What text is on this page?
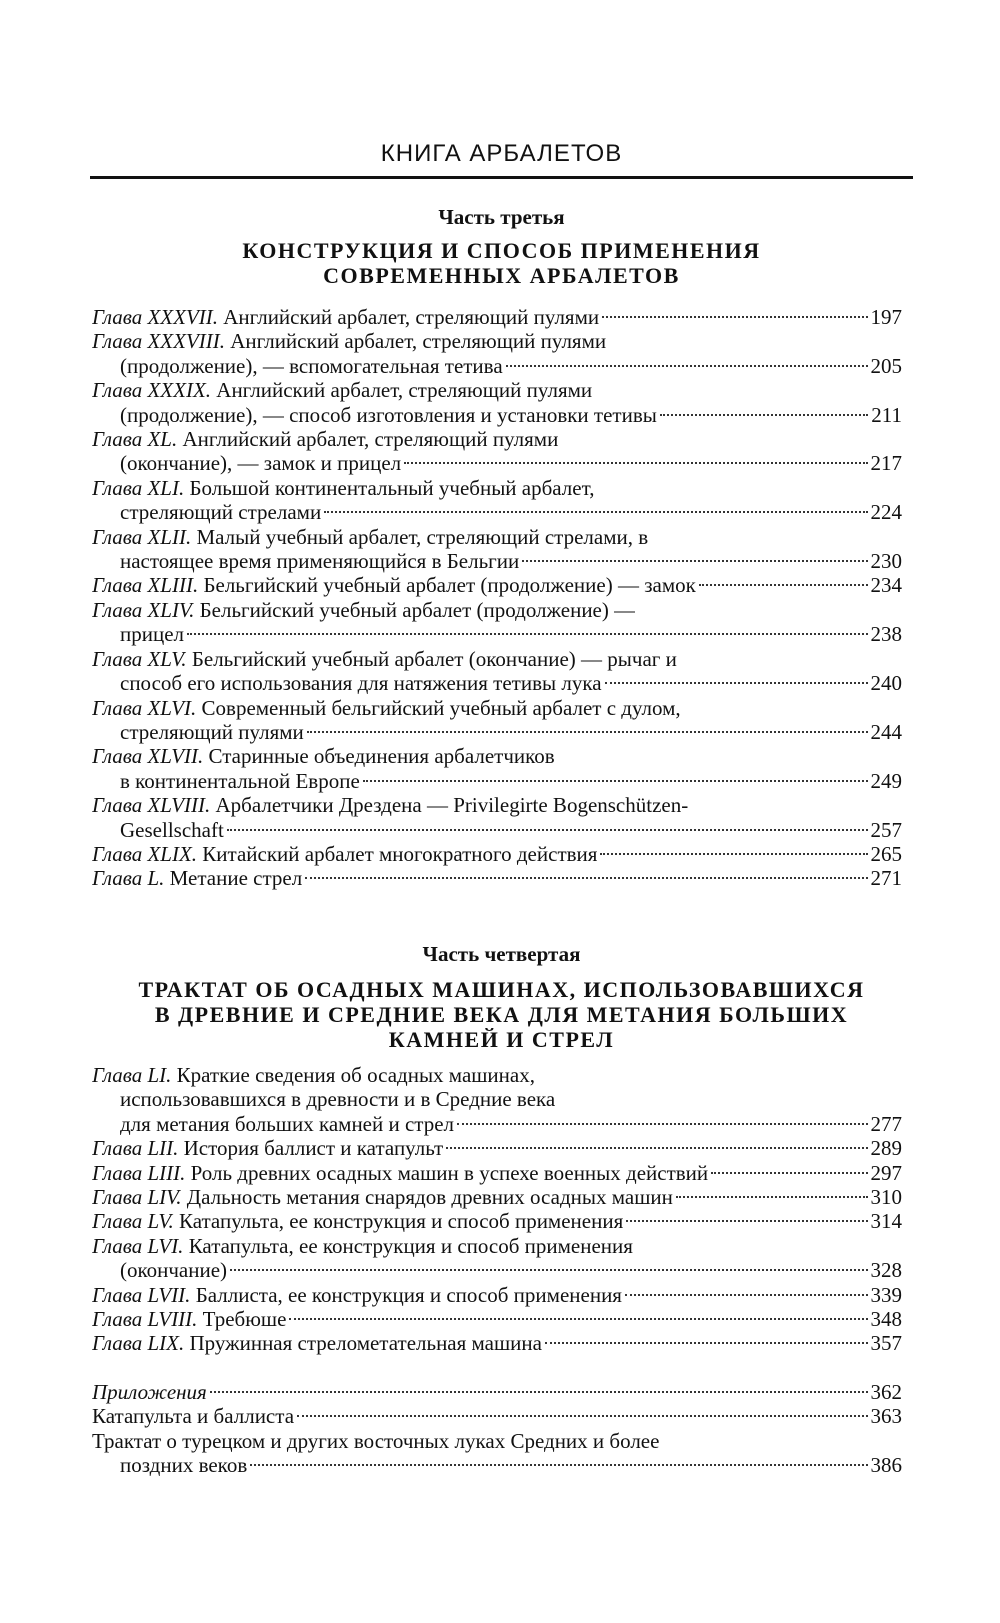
КНИГА АРБАЛЕТОВ
Часть третья
КОНСТРУКЦИЯ И СПОСОБ ПРИМЕНЕНИЯ
СОВРЕМЕННЫХ АРБАЛЕТОВ
Глава XXXVII. Английский арбалет, стреляющий пулями	197
Глава XXXVIII. Английский арбалет, стреляющий пулями
(продолжение), — вспомогательная тетива	205
Глава XXXIX. Английский арбалет, стреляющий пулями
(продолжение), — способ изготовления и установки тетивы	211
Глава XL. Английский арбалет, стреляющий пулями
(окончание), — замок и прицел	217
Глава XLI. Большой континентальный учебный арбалет,
стреляющий стрелами	224
Глава XLII. Малый учебный арбалет, стреляющий стрелами, в
настоящее время применяющийся в Бельгии	230
Глава XLIII. Бельгийский учебный арбалет (продолжение) — замок	234
Глава XLIV. Бельгийский учебный арбалет (продолжение) —
прицел	238
Глава XLV. Бельгийский учебный арбалет (окончание) — рычаг и
способ его использования для натяжения тетивы лука	240
Глава XLVI. Современный бельгийский учебный арбалет с дулом,
стреляющий пулями	244
Глава XLVII. Старинные объединения арбалетчиков
в континентальной Европе	249
Глава XLVIII. Арбалетчики Дрездена — Privilegirte Bogenschützen-
Gesellschaft	257
Глава XLIX. Китайский арбалет многократного действия	265
Глава L. Метание стрел	271
Часть четвертая
ТРАКТАТ ОБ ОСАДНЫХ МАШИНАХ, ИСПОЛЬЗОВАВШИХСЯ
В ДРЕВНИЕ И СРЕДНИЕ ВЕКА ДЛЯ МЕТАНИЯ БОЛЬШИХ
КАМНЕЙ И СТРЕЛ
Глава LI. Краткие сведения об осадных машинах,
использовавшихся в древности и в Средние века
для метания больших камней и стрел	277
Глава LII. История баллист и катапульт	289
Глава LIII. Роль древних осадных машин в успехе военных действий	297
Глава LIV. Дальность метания снарядов древних осадных машин	310
Глава LV. Катапульта, ее конструкция и способ применения	314
Глава LVI. Катапульта, ее конструкция и способ применения
(окончание)	328
Глава LVII. Баллиста, ее конструкция и способ применения	339
Глава LVIII. Требюше	348
Глава LIX. Пружинная стрелометательная машина	357
Приложения	362
Катапульта и баллиста	363
Трактат о турецком и других восточных луках Средних и более
поздних веков	386
